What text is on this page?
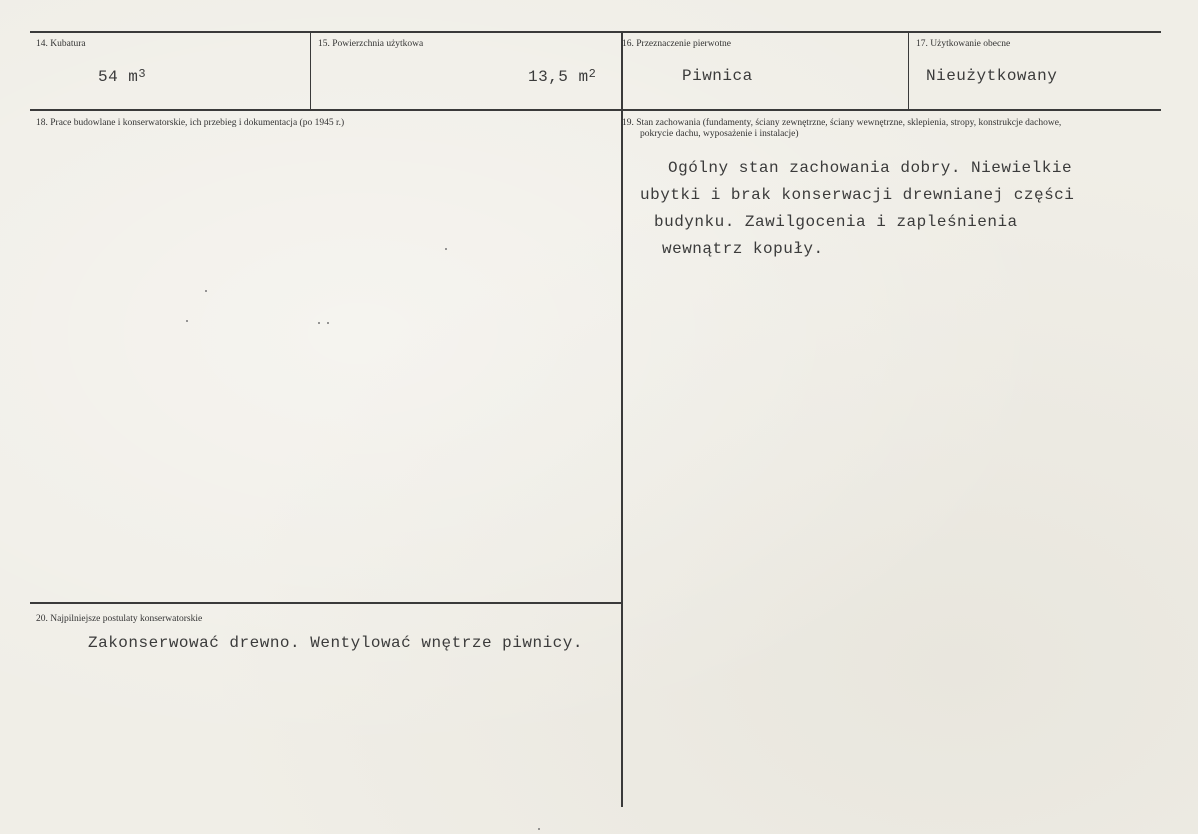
14. Kubatura
54 $m^3$
15. Powierzchnia użytkowa
13,5 $m^2$
16. Przeznaczenie pierwotne
Piwnica
17. Użytkowanie obecne
Nieużytkowany
18. Prace budowlane i konserwatorskie, ich przebieg i dokumentacja (po 1945 r.)	19. Stan zachowania (fundamenty, ściany zewnętrzne, ściany wewnętrzne, sklepienia, stropy, konstrukcje dachowe,
pokrycie dachu, wyposażenie i instalacje)
Ogólny stan zachowania dobry. Niewielkie
ubytki i brak konserwacji drewnianej części
budynku. Zawilgocenia i zapleśnienia
wewnątrz kopuły.
20. Najpilniejsze postulaty konserwatorskie
Zakonserwować drewno. Wentylować wnętrze piwnicy.
